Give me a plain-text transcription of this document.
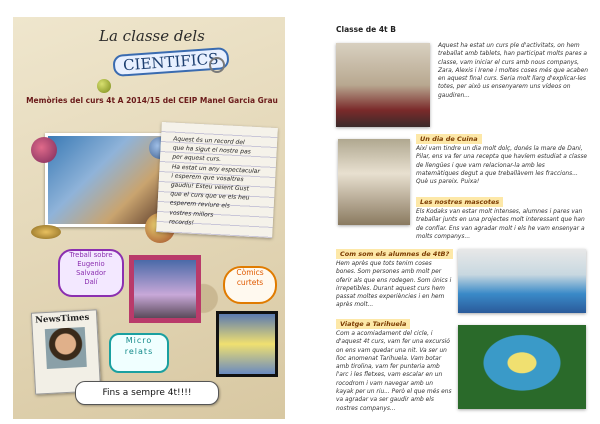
La classe dels
CIENTIFICS
Memòries del curs 4t A 2014/15 del CEIP Manel Garcia Grau
Aquest és un record del
que ha sigut el nostre pas
per aquest curs.
Ha estat un any espectacular
i esperem que vosaltres
gaudiu! Esteu veient Gust
que el curs que ve els heu
esperem reviure els
vostres millors
records!
Treball sobre
Eugenio
Salvador
Dalí
Còmics
curtets
NewsTimes
Micro
relats
Fins a sempre 4t!!!!
Classe de 4t B
Aquest ha estat un curs ple d'activitats, on hem treballat amb tablets, han participat molts pares a classe, vam iniciar el curs amb nous companys, Zara, Alexis i Irene i moltes coses més que acaben en aquest final curs. Seria molt llarg d'explicar-les totes, per això us ensenyarem uns vídeos on gaudiren...
Un dia de Cuina
Així vam tindre un dia molt dolç, donés la mare de Dani, Pilar, ens va fer una recepta que havíem estudiat a classe de llengües i que vam relacionar-la amb les matemàtiques degut a que treballàvem les fraccions... Què us pareix. Puixa!
Les nostres mascotes
Els Kodaks van estar molt intenses, alumnes i pares van treballar junts en una projectes molt interessant que han de confiar. Ens van agradar molt i els he vam ensenyar a molts companys...
Com som els alumnes de 4tB?
Hem après que tots tenim coses bones. Som persones amb molt per oferir als que ens rodegen. Som únics i irrepetibles. Durant aquest curs hem passat moltes experiències i en hem après molt...
Viatge a Tarihuela
Com a acomiadament del cicle, i d'aquest 4t curs, vam fer una excursió on ens vam quedar una nit. Va ser un lloc anomenat Tarihuela. Vam botar amb tirolina, vam fer punteria amb l'arc i les fletxes, vam escalar en un rocodrom i vam navegar amb un kayak per un riu... Però el que més ens va agradar va ser gaudir amb els nostres companys...
